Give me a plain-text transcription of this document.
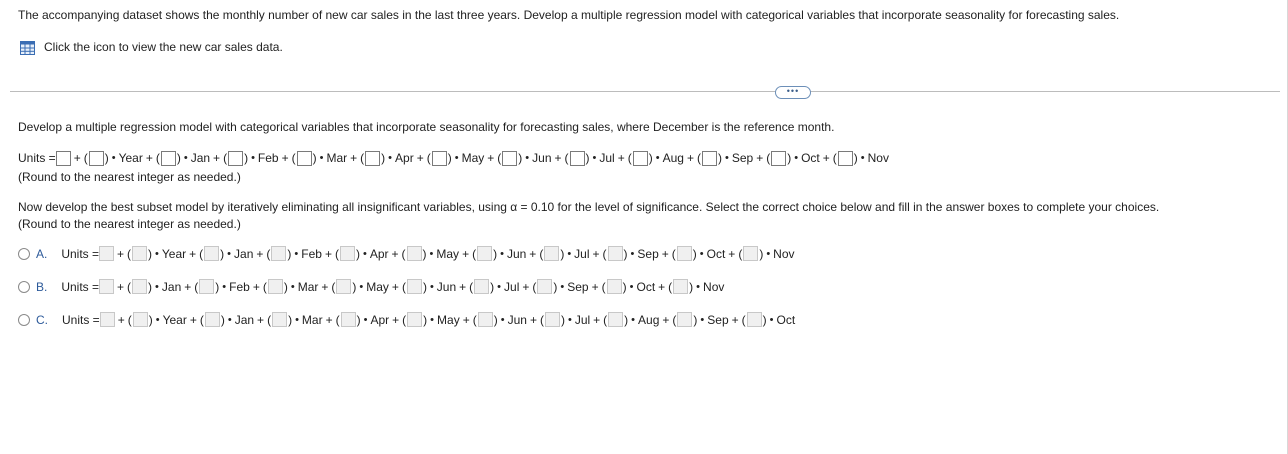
The accompanying dataset shows the monthly number of new car sales in the last three years. Develop a multiple regression model with categorical variables that incorporate seasonality for forecasting sales.
Click the icon to view the new car sales data.
•••
Develop a multiple regression model with categorical variables that incorporate seasonality for forecasting sales, where December is the reference month.
Units = + ( ) • Year + ( ) • Jan + ( ) • Feb + ( ) • Mar + ( ) • Apr + ( ) • May + ( ) • Jun + ( ) • Jul + ( ) • Aug + ( ) • Sep + ( ) • Oct + ( ) • Nov
(Round to the nearest integer as needed.)
Now develop the best subset model by iteratively eliminating all insignificant variables, using α = 0.10 for the level of significance. Select the correct choice below and fill in the answer boxes to complete your choices.
(Round to the nearest integer as needed.)
A. Units = + ( ) • Year + ( ) • Jan + ( ) • Feb + ( ) • Apr + ( ) • May + ( ) • Jun + ( ) • Jul + ( ) • Sep + ( ) • Oct + ( ) • Nov
B. Units = + ( ) • Jan + ( ) • Feb + ( ) • Mar + ( ) • May + ( ) • Jun + ( ) • Jul + ( ) • Sep + ( ) • Oct + ( ) • Nov
C. Units = + ( ) • Year + ( ) • Jan + ( ) • Mar + ( ) • Apr + ( ) • May + ( ) • Jun + ( ) • Jul + ( ) • Aug + ( ) • Sep + ( ) • Oct
